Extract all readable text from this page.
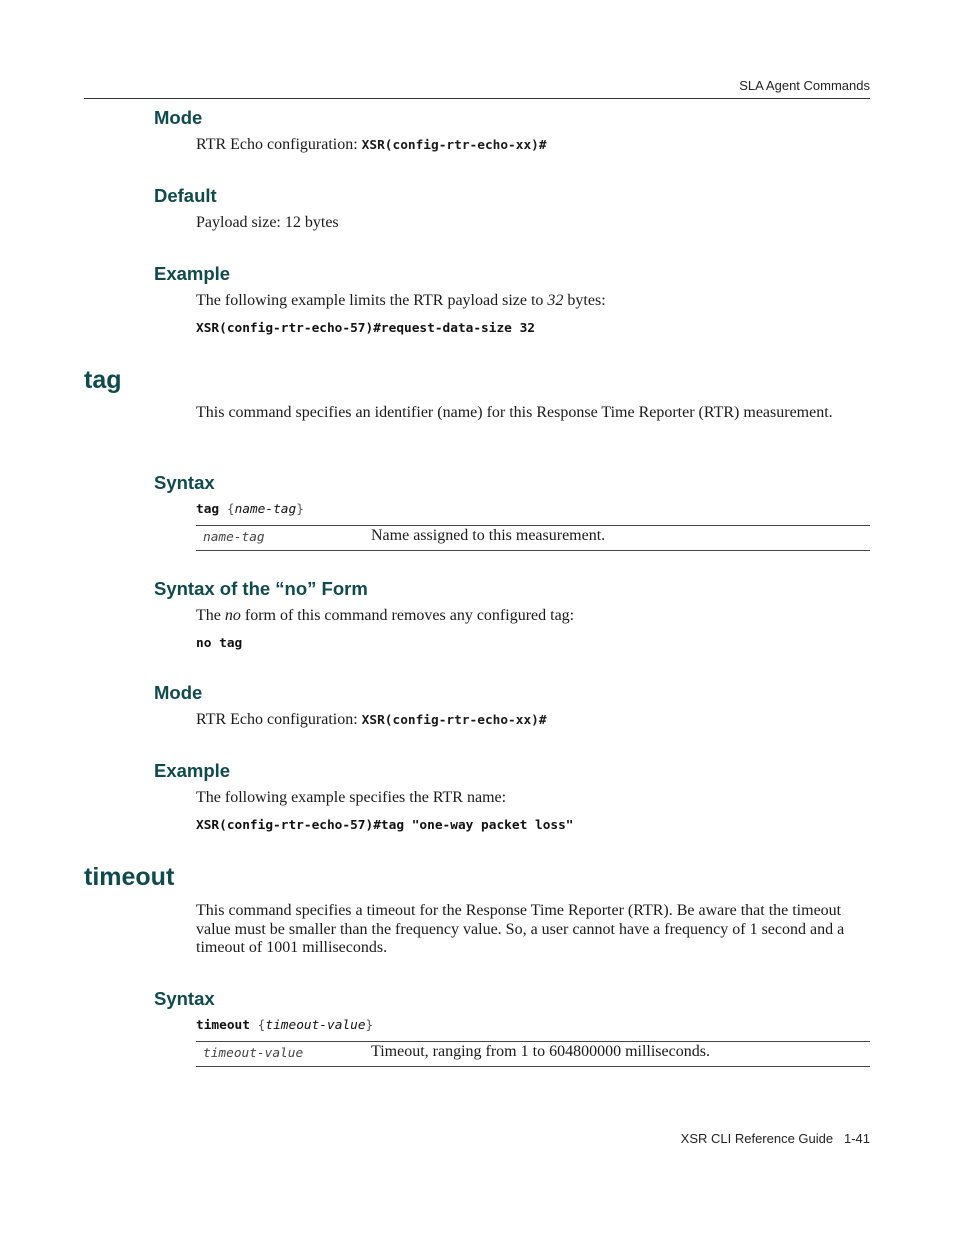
SLA Agent Commands
Mode
RTR Echo configuration: XSR(config-rtr-echo-xx)#
Default
Payload size: 12 bytes
Example
The following example limits the RTR payload size to 32 bytes:
XSR(config-rtr-echo-57)#request-data-size 32
tag
This command specifies an identifier (name) for this Response Time Reporter (RTR) measurement.
Syntax
tag {name-tag}
name-tag	Name assigned to this measurement.
Syntax of the “no” Form
The no form of this command removes any configured tag:
no tag
Mode
RTR Echo configuration: XSR(config-rtr-echo-xx)#
Example
The following example specifies the RTR name:
XSR(config-rtr-echo-57)#tag "one-way packet loss"
timeout
This command specifies a timeout for the Response Time Reporter (RTR). Be aware that the timeout value must be smaller than the frequency value. So, a user cannot have a frequency of 1 second and a timeout of 1001 milliseconds.
Syntax
timeout {timeout-value}
timeout-value	Timeout, ranging from 1 to 604800000 milliseconds.
XSR CLI Reference Guide 1-41
